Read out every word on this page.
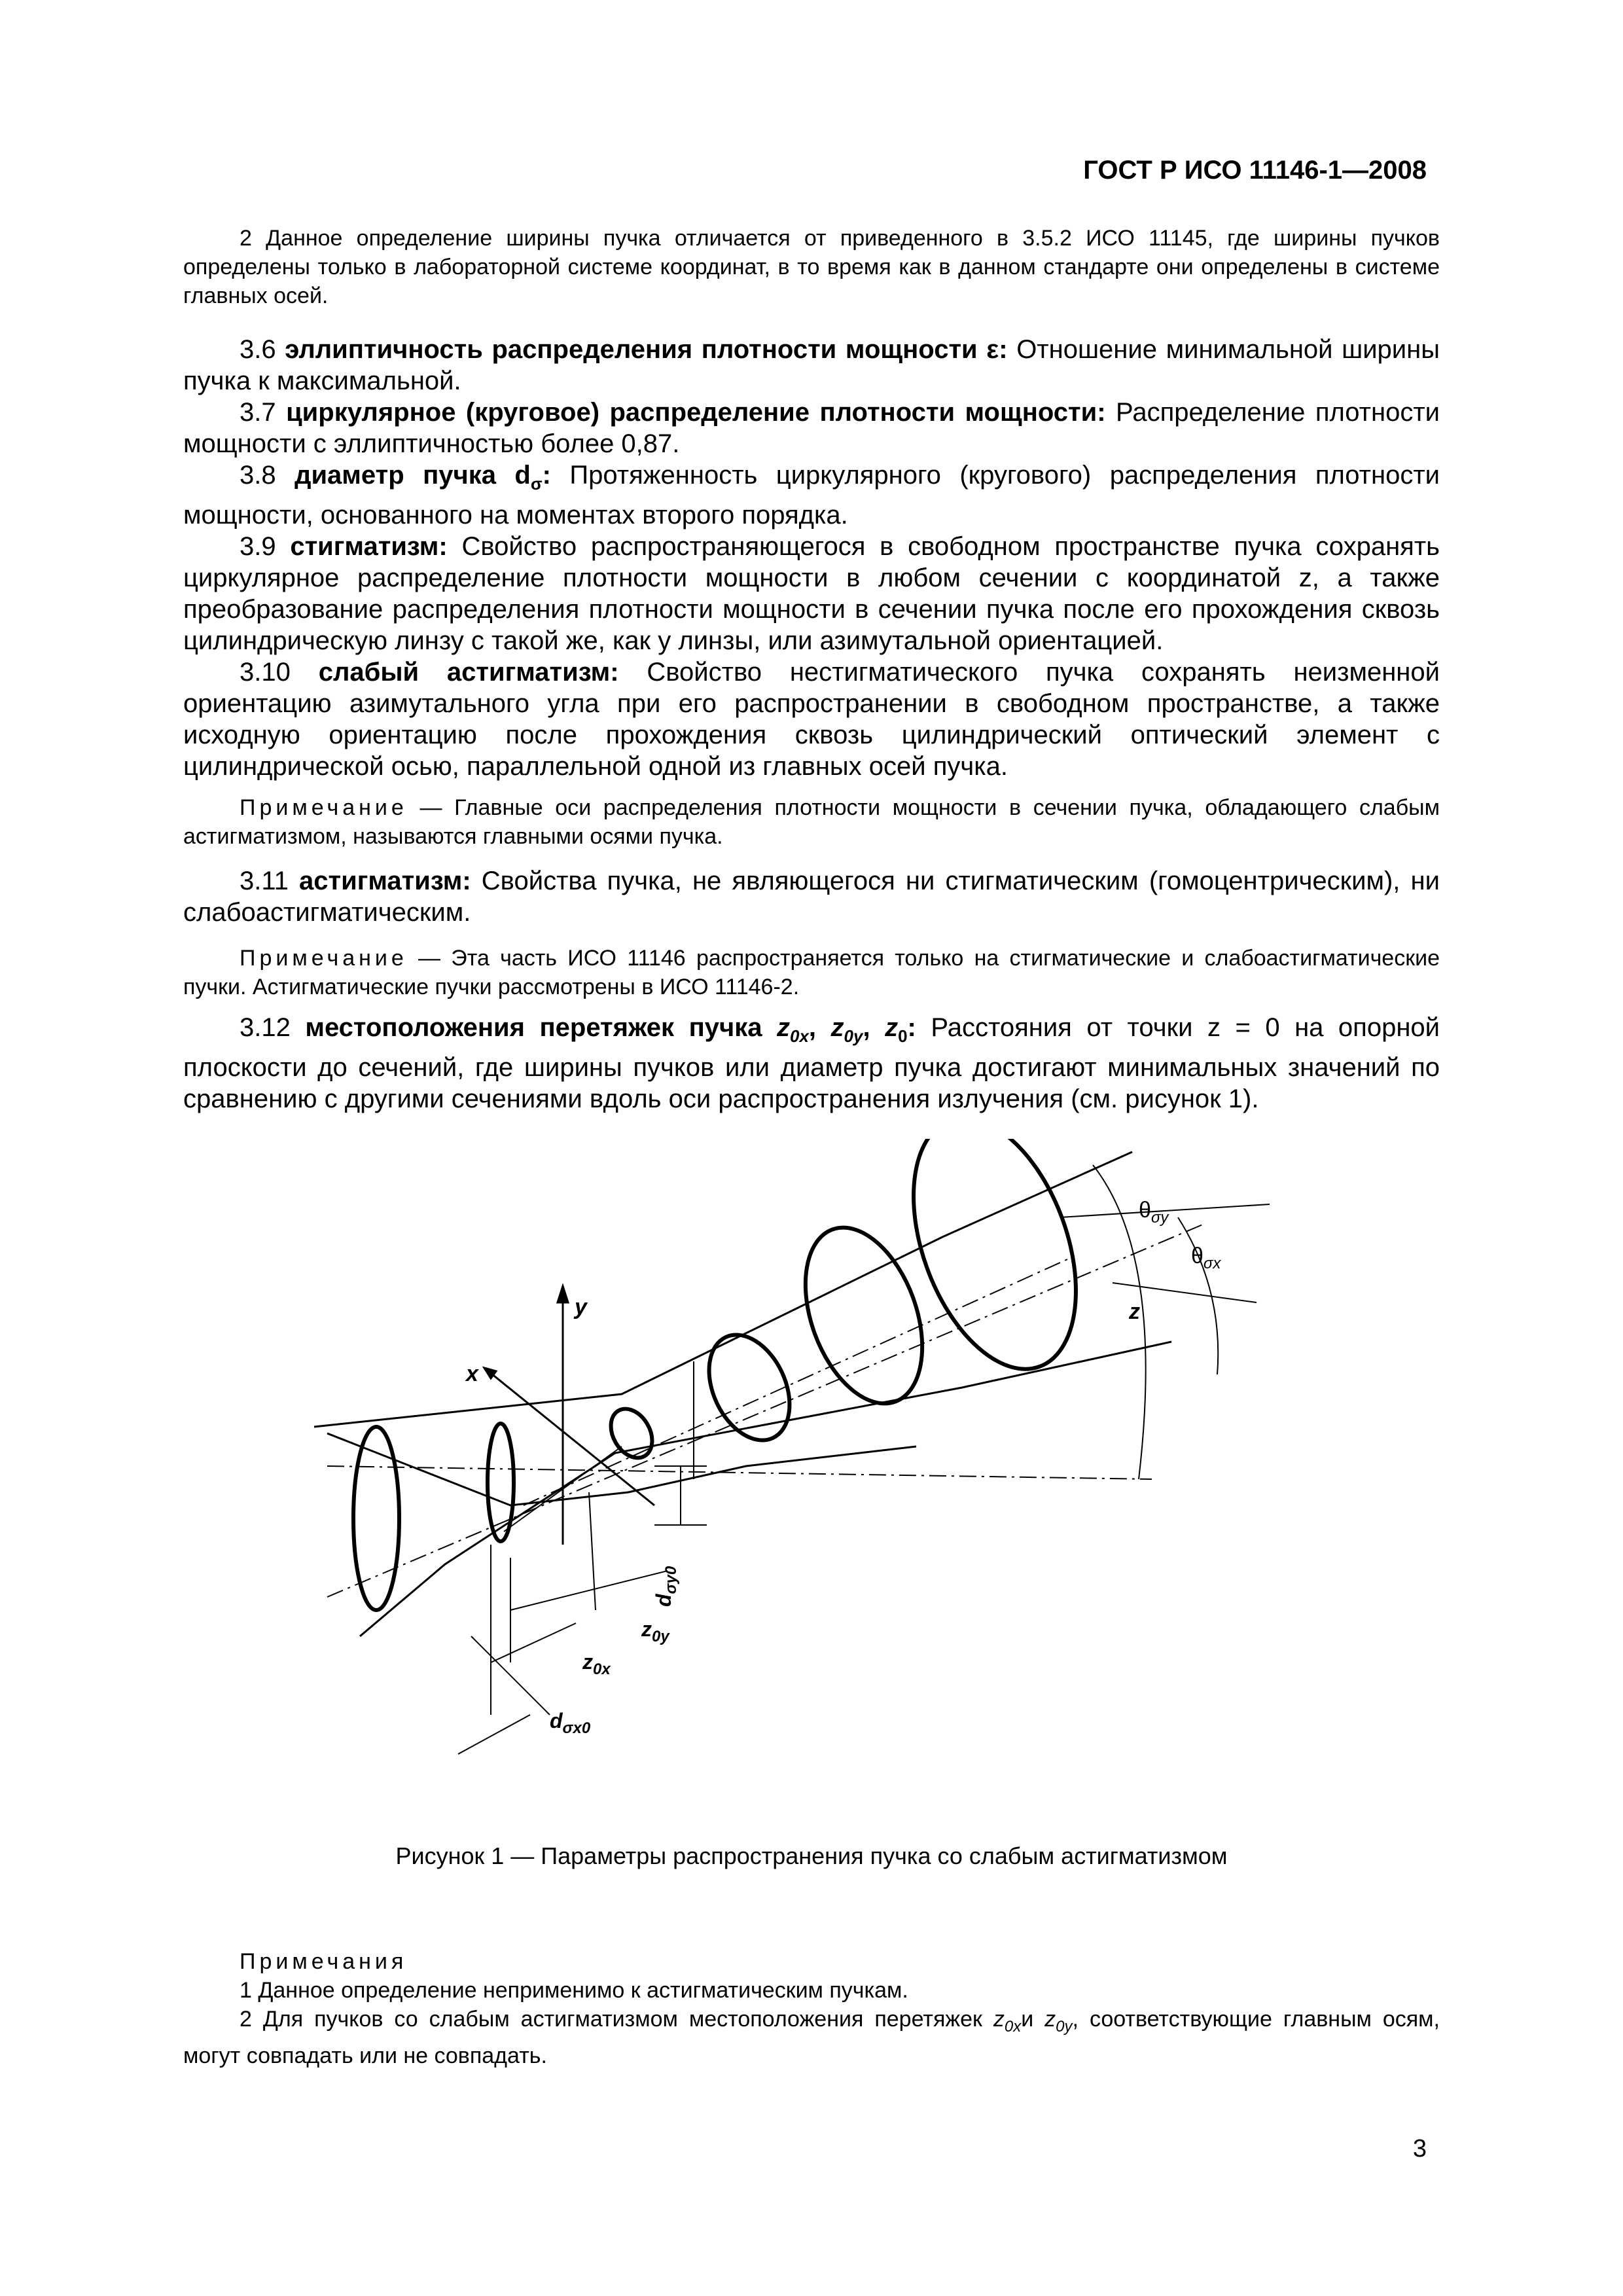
ГОСТ Р ИСО 11146-1—2008

2 Данное определение ширины пучка отличается от приведенного в 3.5.2 ИСО 11145, где ширины пучков определены только в лабораторной системе координат, в то время как в данном стандарте они определены в системе главных осей.

3.6 эллиптичность распределения плотности мощности ε: Отношение минимальной ширины пучка к максимальной.

3.7 циркулярное (круговое) распределение плотности мощности: Распределение плотности мощности с эллиптичностью более 0,87.

3.8 диаметр пучка $d_\sigma$: Протяженность циркулярного (кругового) распределения плотности мощности, основанного на моментах второго порядка.

3.9 стигматизм: Свойство распространяющегося в свободном пространстве пучка сохранять циркулярное распределение плотности мощности в любом сечении с координатой z, а также преобразование распределения плотности мощности в сечении пучка после его прохождения сквозь цилиндрическую линзу с такой же, как у линзы, или азимутальной ориентацией.

3.10 слабый астигматизм: Свойство нестигматического пучка сохранять неизменной ориентацию азимутального угла при его распространении в свободном пространстве, а также исходную ориентацию после прохождения сквозь цилиндрический оптический элемент с цилиндрической осью, параллельной одной из главных осей пучка.

Примечание — Главные оси распределения плотности мощности в сечении пучка, обладающего слабым астигматизмом, называются главными осями пучка.

3.11 астигматизм: Свойства пучка, не являющегося ни стигматическим (гомоцентрическим), ни слабоастигматическим.

Примечание — Эта часть ИСО 11146 распространяется только на стигматические и слабоастигматические пучки. Астигматические пучки рассмотрены в ИСО 11146-2.

3.12 местоположения перетяжек пучка $z_{0x}$, $z_{0y}$, $z_0$: Расстояния от точки z = 0 на опорной плоскости до сечений, где ширины пучков или диаметр пучка достигают минимальных значений по сравнению с другими сечениями вдоль оси распространения излучения (см. рисунок 1).

$\theta_{\sigma y}$
$\theta_{\sigma x}$
z
y
x
$d_{\sigma y0}$
$z_{0y}$
$z_{0x}$
$d_{\sigma x0}$
Рисунок 1 — Параметры распространения пучка со слабым астигматизмом

Примечания

1 Данное определение неприменимо к астигматическим пучкам.

2 Для пучков со слабым астигматизмом местоположения перетяжек $z_{0x}и$ $z_{0y}$, соответствующие главным осям, могут совпадать или не совпадать.

3
